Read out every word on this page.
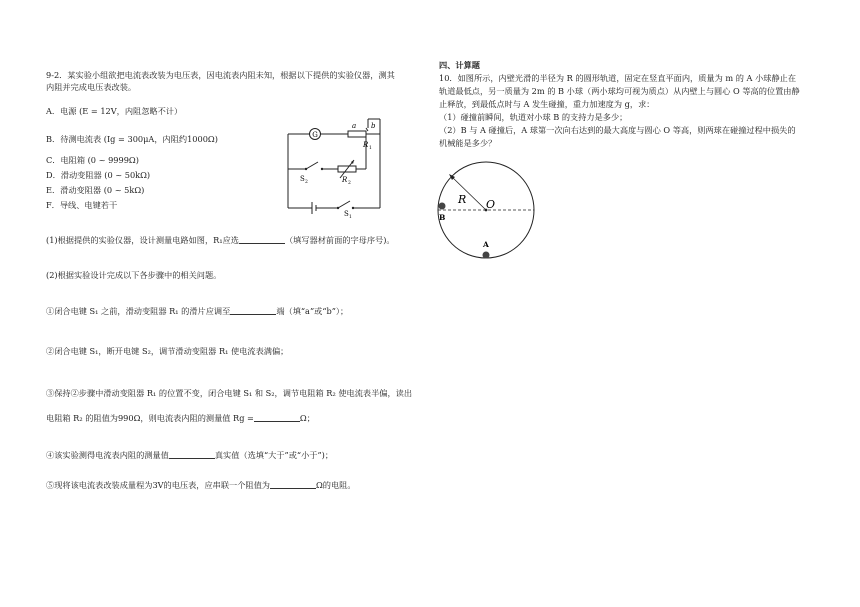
9-2．某实验小组欲把电流表改装为电压表，因电流表内阻未知，根据以下提供的实验仪器，测其
内阻并完成电压表改装。
A．电源 (E = 12V，内阻忽略不计）
B．待测电流表 (Ig = 300μA，内阻约1000Ω)
C．电阻箱 (0 ~ 9999Ω)
D．滑动变阻器 (0 ~ 50kΩ)
E．滑动变阻器 (0 ~ 5kΩ)
F．导线、电键若干
(1)根据提供的实验仪器，设计测量电路如图，R₁应选	（填写器材前面的字母序号)。
(2)根据实验设计完成以下各步骤中的相关问题。
①闭合电键 S₁ 之前，滑动变阻器 R₁ 的滑片应调至	端（填“a”或“b”）；
②闭合电键 S₁，断开电键 S₂，调节滑动变阻器 R₁ 使电流表满偏；
③保持②步骤中滑动变阻器 R₁ 的位置不变，闭合电键 S₁ 和 S₂，调节电阻箱 R₂ 使电流表半偏，读出
电阻箱 R₂ 的阻值为990Ω，则电流表内阻的测量值 Rg =	Ω；
④该实验测得电流表内阻的测量值	真实值（选填“大于”或“小于”)；
⑤现将该电流表改装成量程为3V的电压表，应串联一个阻值为	Ω的电阻。
G
a b
R 1
R 2
S 2
S 1
四、计算题
10．如图所示，内壁光滑的半径为 R 的圆形轨道，固定在竖直平面内，质量为 m 的 A 小球静止在
轨道最低点，另一质量为 2m 的 B 小球（两小球均可视为质点）从内壁上与圆心 O 等高的位置由静
止释放，到最低点时与 A 发生碰撞，重力加速度为 g，求：
（1）碰撞前瞬间，轨道对小球 B 的支持力是多少；
（2）B 与 A 碰撞后，A 球第一次向右达到的最大高度与圆心 O 等高，则两球在碰撞过程中损失的
机械能是多少？
R O
B
A
